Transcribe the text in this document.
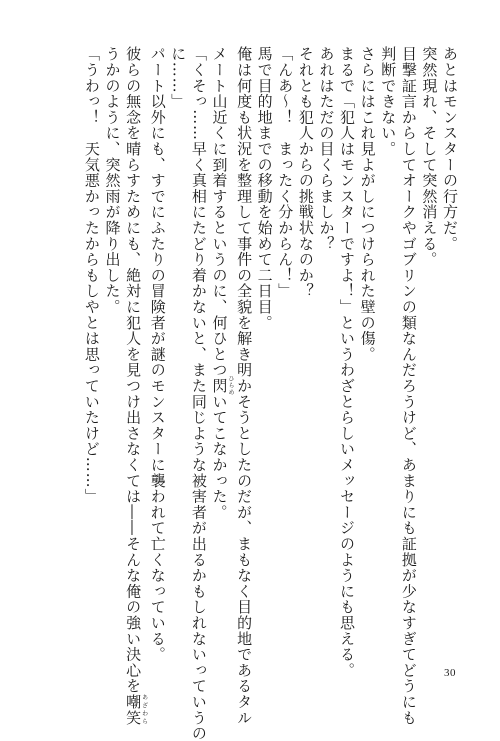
あとはモンスターの行方だ。
突然現れ、そして突然消える。
目撃証言からしてオークやゴブリンの類なんだろうけど、あまりにも証拠が少なすぎてどうにも
判断できない。
さらにはこれ見よがしにつけられた壁の傷。
まるで「犯人はモンスターですよ！」というわざとらしいメッセージのようにも思える。
あれはただの目くらましか？
それとも犯人からの挑戦状なのか？
「んあ〜！　まったく分からん！」
馬で目的地までの移動を始めて二日目。
俺は何度も状況を整理して事件の全貌を解き明かそうとしたのだが、まもなく目的地であるタル
メート山近くに到着するというのに、何ひとつ閃ひらめいてこなかった。
「くそっ……早く真相にたどり着かないと、また同じような被害者が出るかもしれないっていうの
に……」
パート以外にも、すでにふたりの冒険者が謎のモンスターに襲われて亡くなっている。
彼らの無念を晴らすためにも、絶対に犯人を見つけ出さなくては――そんな俺の強い決心を嘲笑あざわら
うかのように、突然雨が降り出した。
「うわっ！　天気悪かったからもしやとは思っていたけど……」
30
